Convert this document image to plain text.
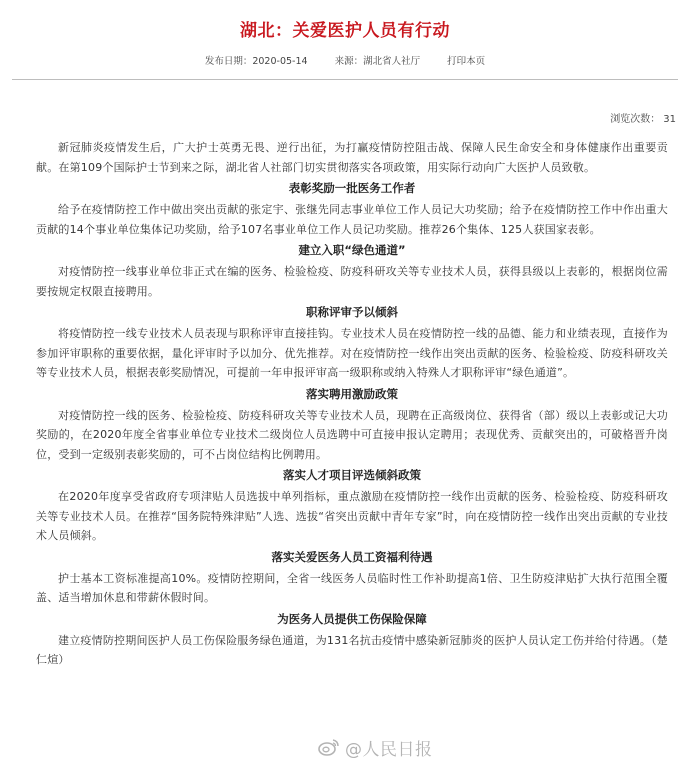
湖北：关爱医护人员有行动
发布日期：2020-05-14	来源：湖北省人社厅	打印本页
浏览次数： 31

新冠肺炎疫情发生后，广大护士英勇无畏、逆行出征，为打赢疫情防控阻击战、保障人民生命安全和身体健康作出重要贡献。在第109个国际护士节到来之际，湖北省人社部门切实贯彻落实各项政策，用实际行动向广大医护人员致敬。

表彰奖励一批医务工作者

给予在疫情防控工作中做出突出贡献的张定宇、张继先同志事业单位工作人员记大功奖励；给予在疫情防控工作中作出重大贡献的14个事业单位集体记功奖励，给予107名事业单位工作人员记功奖励。推荐26个集体、125人获国家表彰。

建立入职“绿色通道”

对疫情防控一线事业单位非正式在编的医务、检验检疫、防疫科研攻关等专业技术人员，获得县级以上表彰的，根据岗位需要按规定权限直接聘用。

职称评审予以倾斜

将疫情防控一线专业技术人员表现与职称评审直接挂钩。专业技术人员在疫情防控一线的品德、能力和业绩表现，直接作为参加评审职称的重要依据，量化评审时予以加分、优先推荐。对在疫情防控一线作出突出贡献的医务、检验检疫、防疫科研攻关等专业技术人员，根据表彰奖励情况，可提前一年申报评审高一级职称或纳入特殊人才职称评审“绿色通道”。

落实聘用激励政策

对疫情防控一线的医务、检验检疫、防疫科研攻关等专业技术人员，现聘在正高级岗位、获得省（部）级以上表彰或记大功奖励的，在2020年度全省事业单位专业技术二级岗位人员选聘中可直接申报认定聘用；表现优秀、贡献突出的，可破格晋升岗位，受到一定级别表彰奖励的，可不占岗位结构比例聘用。

落实人才项目评选倾斜政策

在2020年度享受省政府专项津贴人员选拔中单列指标，重点激励在疫情防控一线作出贡献的医务、检验检疫、防疫科研攻关等专业技术人员。在推荐“国务院特殊津贴”人选、选拔“省突出贡献中青年专家”时，向在疫情防控一线作出突出贡献的专业技术人员倾斜。

落实关爱医务人员工资福利待遇

护士基本工资标准提高10%。疫情防控期间，全省一线医务人员临时性工作补助提高1倍、卫生防疫津贴扩大执行范围全覆盖、适当增加休息和带薪休假时间。

为医务人员提供工伤保险保障

建立疫情防控期间医护人员工伤保险服务绿色通道，为131名抗击疫情中感染新冠肺炎的医护人员认定工伤并给付待遇。（楚仁煊）

@人民日报
